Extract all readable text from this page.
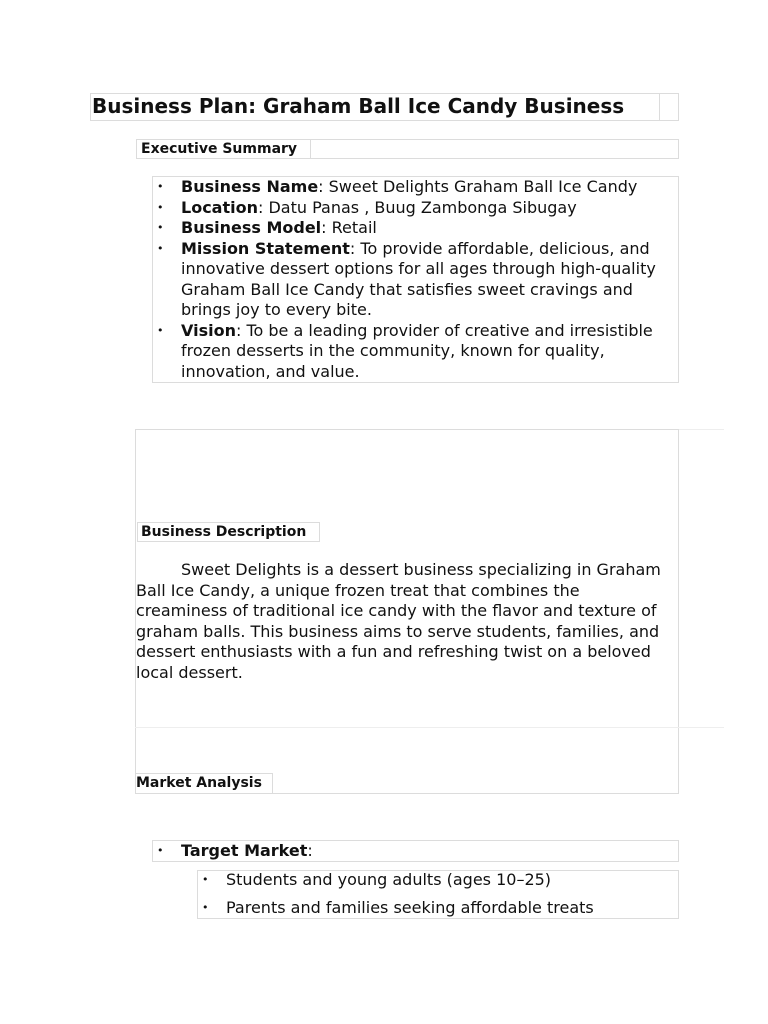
Business Plan: Graham Ball Ice Candy Business
Executive Summary
• Business Name: Sweet Delights Graham Ball Ice Candy
• Location: Datu Panas , Buug Zambonga Sibugay
• Business Model: Retail
• Mission Statement: To provide affordable, delicious, and innovative dessert options for all ages through high-quality Graham Ball Ice Candy that satisfies sweet cravings and brings joy to every bite.
• Vision: To be a leading provider of creative and irresistible frozen desserts in the community, known for quality, innovation, and value.
Business Description
Sweet Delights is a dessert business specializing in Graham Ball Ice Candy, a unique frozen treat that combines the creaminess of traditional ice candy with the flavor and texture of graham balls. This business aims to serve students, families, and dessert enthusiasts with a fun and refreshing twist on a beloved local dessert.
Market Analysis
• Target Market:
• Students and young adults (ages 10–25)
• Parents and families seeking affordable treats
